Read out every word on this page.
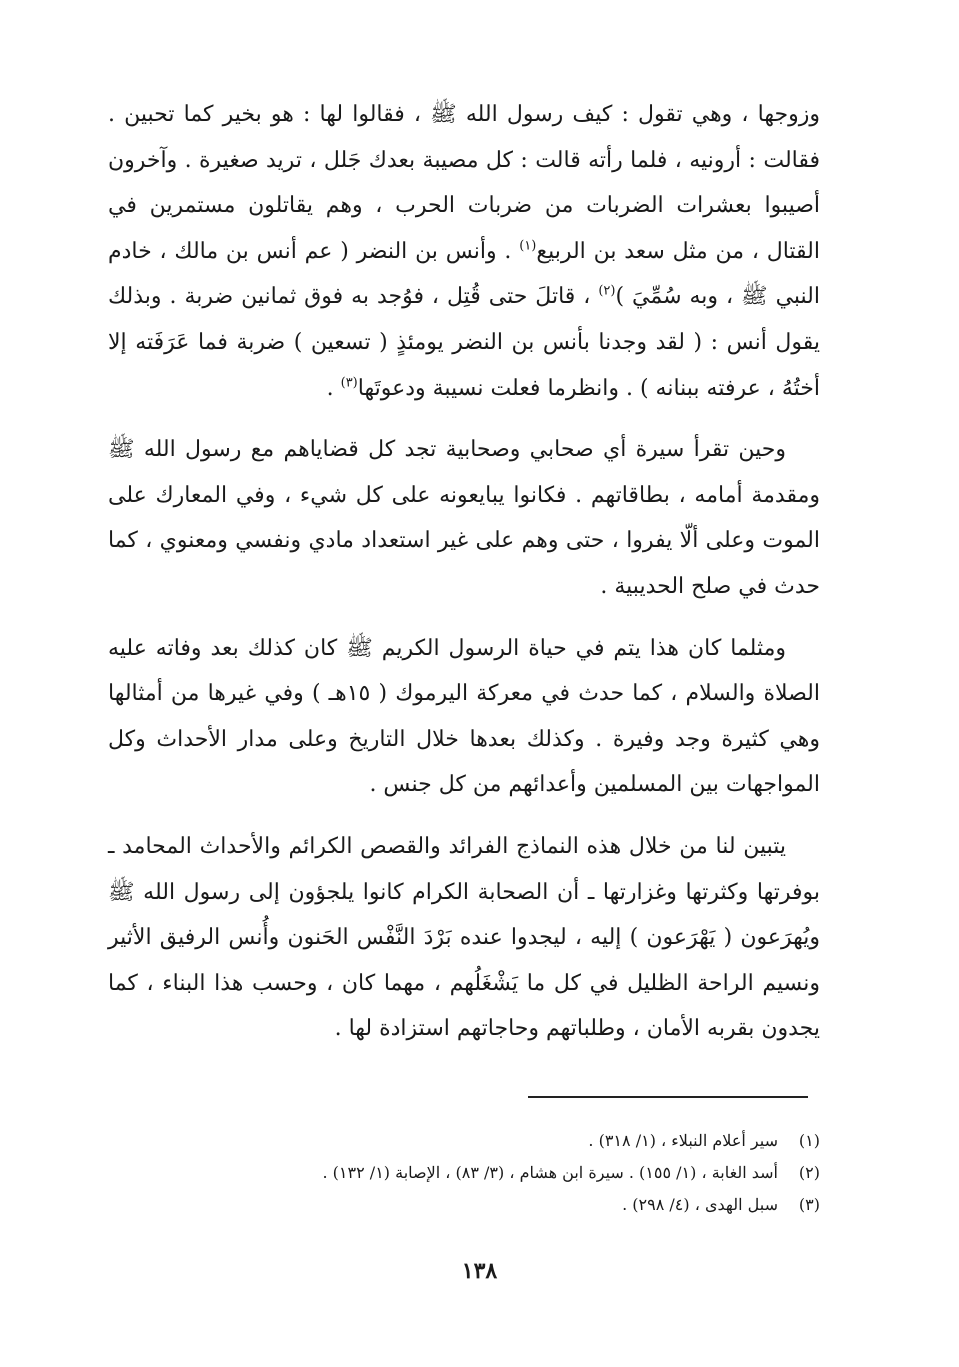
وزوجها ، وهي تقول : كيف رسول الله ﷺ ، فقالوا لها : هو بخير كما تحبين . فقالت : أرونيه ، فلما رأته قالت : كل مصيبة بعدك جَلل ، تريد صغيرة . وآخرون أصيبوا بعشرات الضربات من ضربات الحرب ، وهم يقاتلون مستمرين في القتال ، من مثل سعد بن الربيع$^{(١)}$ . وأنس بن النضر ( عم أنس بن مالك ، خادم النبي ﷺ ، وبه سُمِّيَ )$^{(٢)}$ ، قاتلَ حتى قُتِل ، فوُجد به فوق ثمانين ضربة . وبذلك يقول أنس : ( لقد وجدنا بأنس بن النضر يومئذٍ ( تسعين ) ضربة فما عَرَفَته إلا أختُهُ ، عرفته ببنانه ) . وانظرما فعلت نسيبة ودعوتَها$^{(٣)}$ .

وحين تقرأ سيرة أي صحابي وصحابية تجد كل قضاياهم مع رسول الله ﷺ ومقدمة أمامه ، بطاقاتهم . فكانوا يبايعونه على كل شيء ، وفي المعارك على الموت وعلى ألّا يفروا ، حتى وهم على غير استعداد مادي ونفسي ومعنوي ، كما حدث في صلح الحديبية .

ومثلما كان هذا يتم في حياة الرسول الكريم ﷺ كان كذلك بعد وفاته عليه الصلاة والسلام ، كما حدث في معركة اليرموك ( ١٥هـ ) وفي غيرها من أمثالها وهي كثيرة وجد وفيرة . وكذلك بعدها خلال التاريخ وعلى مدار الأحداث وكل المواجهات بين المسلمين وأعدائهم من كل جنس .

يتبين لنا من خلال هذه النماذج الفرائد والقصص الكرائم والأحداث المحامد ـ بوفرتها وكثرتها وغزارتها ـ أن الصحابة الكرام كانوا يلجؤون إلى رسول الله ﷺ ويُهرَعون ( يَهْرَعون ) إليه ، ليجدوا عنده بَرْدَ النَّفْس الحَنون وأُنس الرفيق الأثير ونسيم الراحة الظليل في كل ما يَشْغَلُهم ، مهما كان ، وحسب هذا البناء ، كما يجدون بقربه الأمان ، وطلباتهم وحاجاتهم استزادة لها .

(١)
سير أعلام النبلاء ، (١/ ٣١٨) .
(٢)
أسد الغابة ، (١/ ١٥٥) . سيرة ابن هشام ، (٣/ ٨٣) ، الإصابة (١/ ١٣٢) .
(٣)
سبل الهدى ، (٤/ ٢٩٨) .
١٣٨
